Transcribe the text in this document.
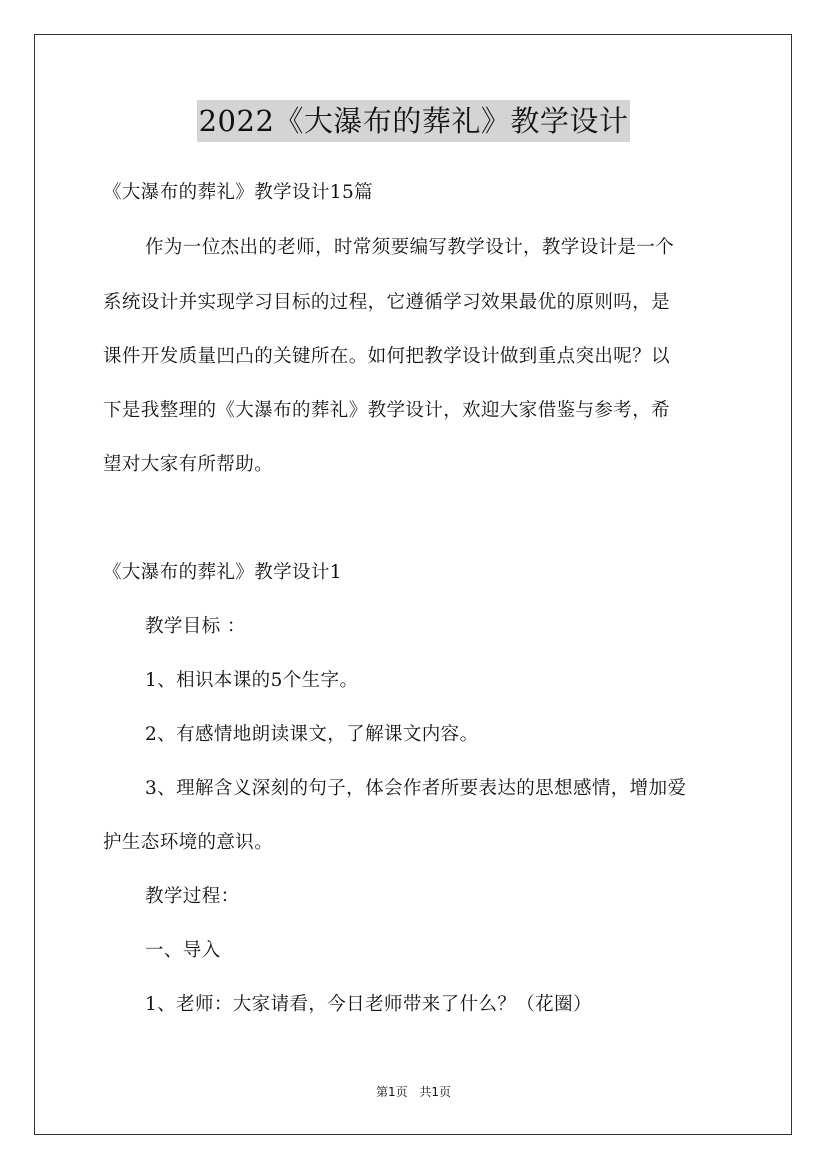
2022《大瀑布的葬礼》教学设计
《大瀑布的葬礼》教学设计15篇
作为一位杰出的老师，时常须要编写教学设计，教学设计是一个
系统设计并实现学习目标的过程，它遵循学习效果最优的原则吗，是
课件开发质量凹凸的关键所在。如何把教学设计做到重点突出呢？以
下是我整理的《大瀑布的葬礼》教学设计，欢迎大家借鉴与参考，希
望对大家有所帮助。
《大瀑布的葬礼》教学设计1
教学目标 ：
1、相识本课的5个生字。
2、有感情地朗读课文，了解课文内容。
3、理解含义深刻的句子，体会作者所要表达的思想感情，增加爱
护生态环境的意识。
教学过程：
一、导入
1、老师：大家请看，今日老师带来了什么？（花圈）
第1页 共1页
